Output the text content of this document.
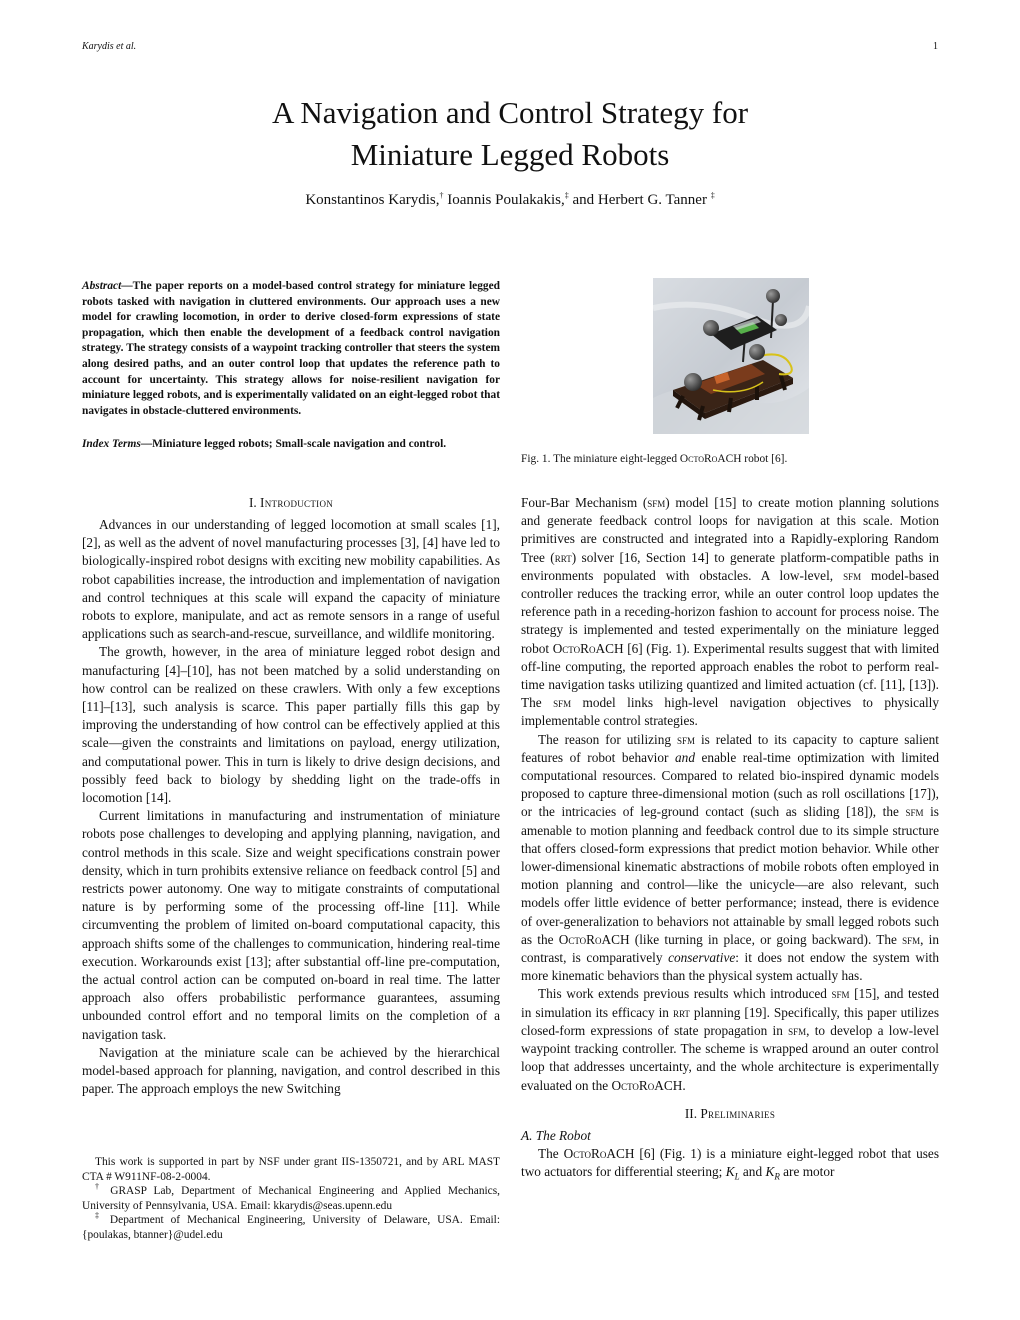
Karydis et al.	1
A Navigation and Control Strategy for
Miniature Legged Robots
Konstantinos Karydis,† Ioannis Poulakakis,‡ and Herbert G. Tanner ‡
Abstract—The paper reports on a model-based control strategy for miniature legged robots tasked with navigation in cluttered environments. Our approach uses a new model for crawling locomotion, in order to derive closed-form expressions of state propagation, which then enable the development of a feedback control navigation strategy. The strategy consists of a waypoint tracking controller that steers the system along desired paths, and an outer control loop that updates the reference path to account for uncertainty. This strategy allows for noise-resilient navigation for miniature legged robots, and is experimentally validated on an eight-legged robot that navigates in obstacle-cluttered environments.
Index Terms—Miniature legged robots; Small-scale navigation and control.
Fig. 1. The miniature eight-legged OctoRoACH robot [6].
I. Introduction

Advances in our understanding of legged locomotion at small scales [1], [2], as well as the advent of novel manufacturing processes [3], [4] have led to biologically-inspired robot designs with exciting new mobility capabilities. As robot capabilities increase, the introduction and implementation of navigation and control techniques at this scale will expand the capacity of miniature robots to explore, manipulate, and act as remote sensors in a range of useful applications such as search-and-rescue, surveillance, and wildlife monitoring.

The growth, however, in the area of miniature legged robot design and manufacturing [4]–[10], has not been matched by a solid understanding on how control can be realized on these crawlers. With only a few exceptions [11]–[13], such analysis is scarce. This paper partially fills this gap by improving the understanding of how control can be effectively applied at this scale—given the constraints and limitations on payload, energy utilization, and computational power. This in turn is likely to drive design decisions, and possibly feed back to biology by shedding light on the trade-offs in locomotion [14].

Current limitations in manufacturing and instrumentation of miniature robots pose challenges to developing and applying planning, navigation, and control methods in this scale. Size and weight specifications constrain power density, which in turn prohibits extensive reliance on feedback control [5] and restricts power autonomy. One way to mitigate constraints of computational nature is by performing some of the processing off-line [11]. While circumventing the problem of limited on-board computational capacity, this approach shifts some of the challenges to communication, hindering real-time execution. Workarounds exist [13]; after substantial off-line pre-computation, the actual control action can be computed on-board in real time. The latter approach also offers probabilistic performance guarantees, assuming unbounded control effort and no temporal limits on the completion of a navigation task.

Navigation at the miniature scale can be achieved by the hierarchical model-based approach for planning, navigation, and control described in this paper. The approach employs the new Switching

This work is supported in part by NSF under grant IIS-1350721, and by ARL MAST CTA # W911NF-08-2-0004.

† GRASP Lab, Department of Mechanical Engineering and Applied Mechanics, University of Pennsylvania, USA. Email: kkarydis@seas.upenn.edu

‡ Department of Mechanical Engineering, University of Delaware, USA. Email: {poulakas, btanner}@udel.edu

Four-Bar Mechanism (sfm) model [15] to create motion planning solutions and generate feedback control loops for navigation at this scale. Motion primitives are constructed and integrated into a Rapidly-exploring Random Tree (rrt) solver [16, Section 14] to generate platform-compatible paths in environments populated with obstacles. A low-level, sfm model-based controller reduces the tracking error, while an outer control loop updates the reference path in a receding-horizon fashion to account for process noise. The strategy is implemented and tested experimentally on the miniature legged robot OctoRoACH [6] (Fig. 1). Experimental results suggest that with limited off-line computing, the reported approach enables the robot to perform real-time navigation tasks utilizing quantized and limited actuation (cf. [11], [13]). The sfm model links high-level navigation objectives to physically implementable control strategies.

The reason for utilizing sfm is related to its capacity to capture salient features of robot behavior and enable real-time optimization with limited computational resources. Compared to related bio-inspired dynamic models proposed to capture three-dimensional motion (such as roll oscillations [17]), or the intricacies of leg-ground contact (such as sliding [18]), the sfm is amenable to motion planning and feedback control due to its simple structure that offers closed-form expressions that predict motion behavior. While other lower-dimensional kinematic abstractions of mobile robots often employed in motion planning and control—like the unicycle—are also relevant, such models offer little evidence of better performance; instead, there is evidence of over-generalization to behaviors not attainable by small legged robots such as the OctoRoACH (like turning in place, or going backward). The sfm, in contrast, is comparatively conservative: it does not endow the system with more kinematic behaviors than the physical system actually has.

This work extends previous results which introduced sfm [15], and tested in simulation its efficacy in rrt planning [19]. Specifically, this paper utilizes closed-form expressions of state propagation in sfm, to develop a low-level waypoint tracking controller. The scheme is wrapped around an outer control loop that addresses uncertainty, and the whole architecture is experimentally evaluated on the OctoRoACH.

II. Preliminaries
A. The Robot

The OctoRoACH [6] (Fig. 1) is a miniature eight-legged robot that uses two actuators for differential steering; $K_L$ and $K_R$ are motor
